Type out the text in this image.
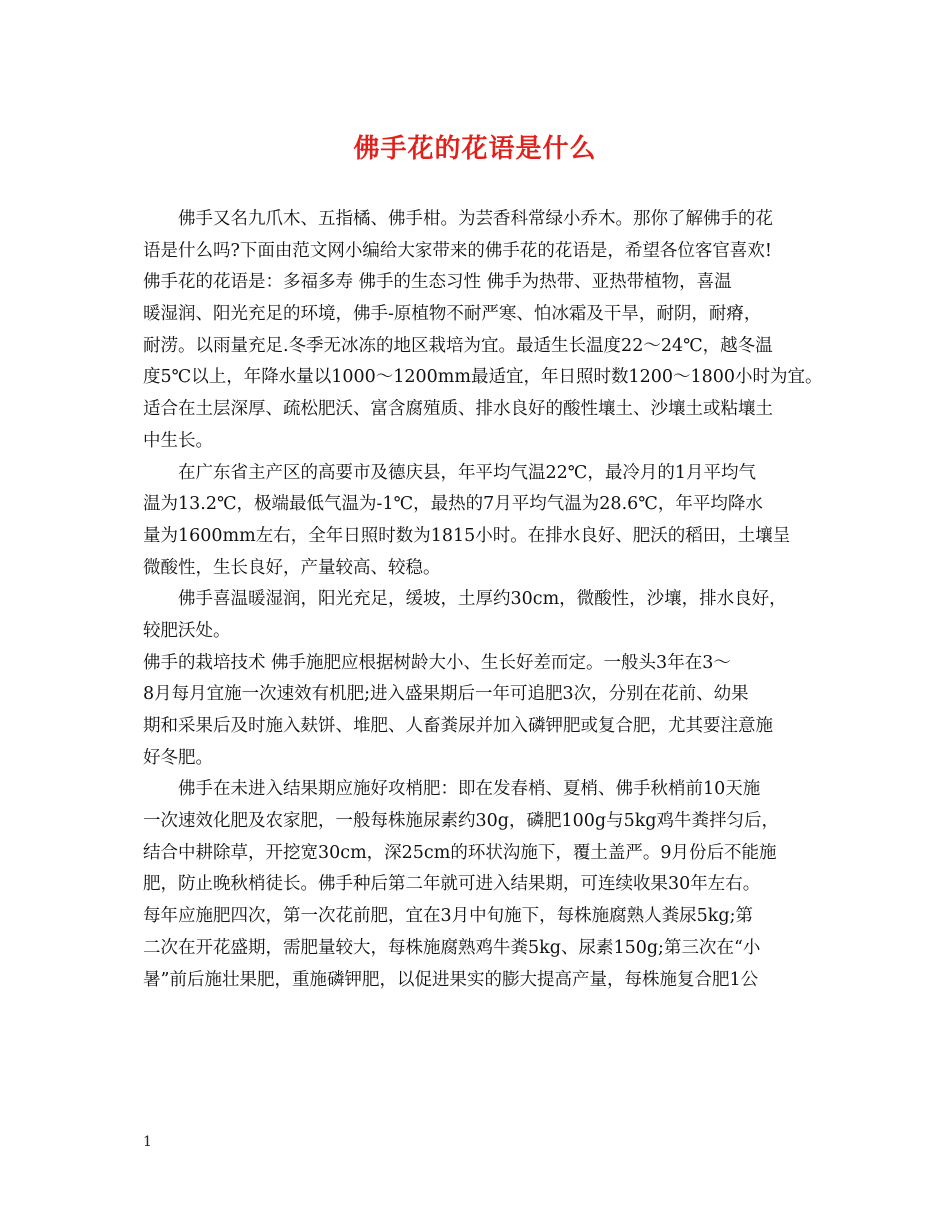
佛手花的花语是什么
佛手又名九爪木、五指橘、佛手柑。为芸香科常绿小乔木。那你了解佛手的花
语是什么吗?下面由范文网小编给大家带来的佛手花的花语是，希望各位客官喜欢!
佛手花的花语是：多福多寿 佛手的生态习性 佛手为热带、亚热带植物，喜温
暖湿润、阳光充足的环境，佛手-原植物不耐严寒、怕冰霜及干旱，耐阴，耐瘠，
耐涝。以雨量充足.冬季无冰冻的地区栽培为宜。最适生长温度22～24℃，越冬温
度5℃以上，年降水量以1000～1200mm最适宜，年日照时数1200～1800小时为宜。
适合在土层深厚、疏松肥沃、富含腐殖质、排水良好的酸性壤土、沙壤土或粘壤土
中生长。
在广东省主产区的高要市及德庆县，年平均气温22℃，最冷月的1月平均气
温为13.2℃，极端最低气温为-1℃，最热的7月平均气温为28.6℃，年平均降水
量为1600mm左右，全年日照时数为1815小时。在排水良好、肥沃的稻田，土壤呈
微酸性，生长良好，产量较高、较稳。
佛手喜温暖湿润，阳光充足，缓坡，土厚约30cm，微酸性，沙壤，排水良好，
较肥沃处。
佛手的栽培技术 佛手施肥应根据树龄大小、生长好差而定。一般头3年在3～
8月每月宜施一次速效有机肥;进入盛果期后一年可追肥3次，分别在花前、幼果
期和采果后及时施入麸饼、堆肥、人畜粪尿并加入磷钾肥或复合肥，尤其要注意施
好冬肥。
佛手在未进入结果期应施好攻梢肥：即在发春梢、夏梢、佛手秋梢前10天施
一次速效化肥及农家肥，一般每株施尿素约30g，磷肥100g与5kg鸡牛粪拌匀后，
结合中耕除草，开挖宽30cm，深25cm的环状沟施下，覆土盖严。9月份后不能施
肥，防止晚秋梢徒长。佛手种后第二年就可进入结果期，可连续收果30年左右。
每年应施肥四次，第一次花前肥，宜在3月中旬施下，每株施腐熟人粪尿5kg;第
二次在开花盛期，需肥量较大，每株施腐熟鸡牛粪5kg、尿素150g;第三次在“小
暑”前后施壮果肥，重施磷钾肥，以促进果实的膨大提高产量，每株施复合肥1公
1
